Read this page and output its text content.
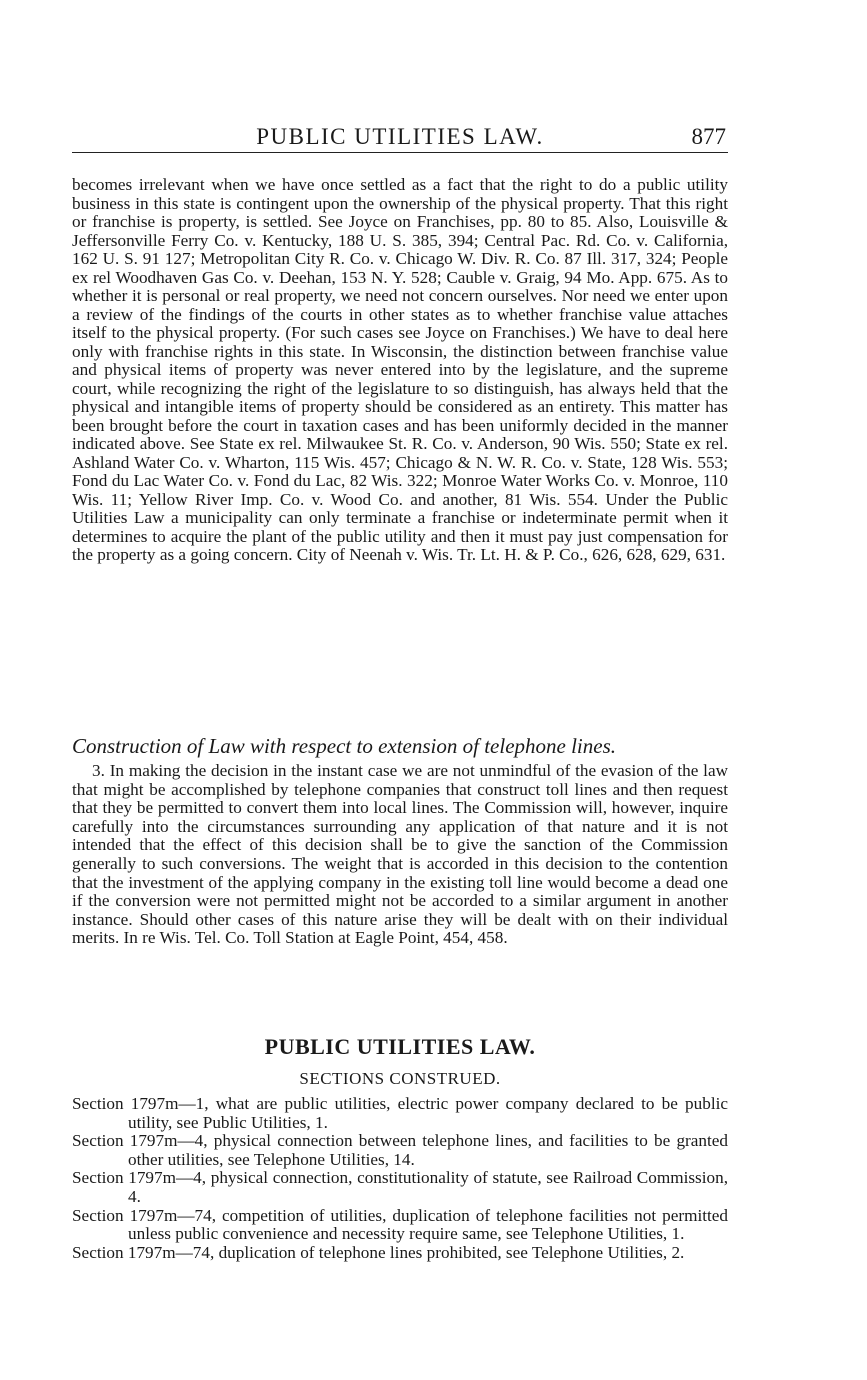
PUBLIC UTILITIES LAW.	877

becomes irrelevant when we have once settled as a fact that the right to do a public utility business in this state is contingent upon the ownership of the physical property. That this right or franchise is property, is settled. See Joyce on Franchises, pp. 80 to 85. Also, Louisville & Jeffersonville Ferry Co. v. Kentucky, 188 U. S. 385, 394; Central Pac. Rd. Co. v. California, 162 U. S. 91 127; Metropolitan City R. Co. v. Chicago W. Div. R. Co. 87 Ill. 317, 324; People ex rel Woodhaven Gas Co. v. Deehan, 153 N. Y. 528; Cauble v. Graig, 94 Mo. App. 675. As to whether it is personal or real property, we need not concern ourselves. Nor need we enter upon a review of the findings of the courts in other states as to whether franchise value attaches itself to the physical property. (For such cases see Joyce on Franchises.) We have to deal here only with franchise rights in this state. In Wisconsin, the distinction between franchise value and physical items of property was never entered into by the legislature, and the supreme court, while recognizing the right of the legislature to so distinguish, has always held that the physical and intangible items of property should be considered as an entirety. This matter has been brought before the court in taxation cases and has been uniformly decided in the manner indicated above. See State ex rel. Milwaukee St. R. Co. v. Anderson, 90 Wis. 550; State ex rel. Ashland Water Co. v. Wharton, 115 Wis. 457; Chicago & N. W. R. Co. v. State, 128 Wis. 553; Fond du Lac Water Co. v. Fond du Lac, 82 Wis. 322; Monroe Water Works Co. v. Monroe, 110 Wis. 11; Yellow River Imp. Co. v. Wood Co. and another, 81 Wis. 554. Under the Public Utilities Law a municipality can only terminate a franchise or indeterminate permit when it determines to acquire the plant of the public utility and then it must pay just compensation for the property as a going concern. City of Neenah v. Wis. Tr. Lt. H. & P. Co., 626, 628, 629, 631.

Construction of Law with respect to extension of telephone lines.

3. In making the decision in the instant case we are not unmindful of the evasion of the law that might be accomplished by telephone companies that construct toll lines and then request that they be permitted to convert them into local lines. The Commission will, however, inquire carefully into the circumstances surrounding any application of that nature and it is not intended that the effect of this decision shall be to give the sanction of the Commission generally to such conversions. The weight that is accorded in this decision to the contention that the investment of the applying company in the existing toll line would become a dead one if the conversion were not permitted might not be accorded to a similar argument in another instance. Should other cases of this nature arise they will be dealt with on their individual merits. In re Wis. Tel. Co. Toll Station at Eagle Point, 454, 458.

PUBLIC UTILITIES LAW.
SECTIONS CONSTRUED.
Section 1797m—1, what are public utilities, electric power company declared to be public utility, see Public Utilities, 1.
Section 1797m—4, physical connection between telephone lines, and facilities to be granted other utilities, see Telephone Utilities, 14.
Section 1797m—4, physical connection, constitutionality of statute, see Railroad Commission, 4.
Section 1797m—74, competition of utilities, duplication of telephone facilities not permitted unless public convenience and necessity require same, see Telephone Utilities, 1.
Section 1797m—74, duplication of telephone lines prohibited, see Telephone Utilities, 2.
